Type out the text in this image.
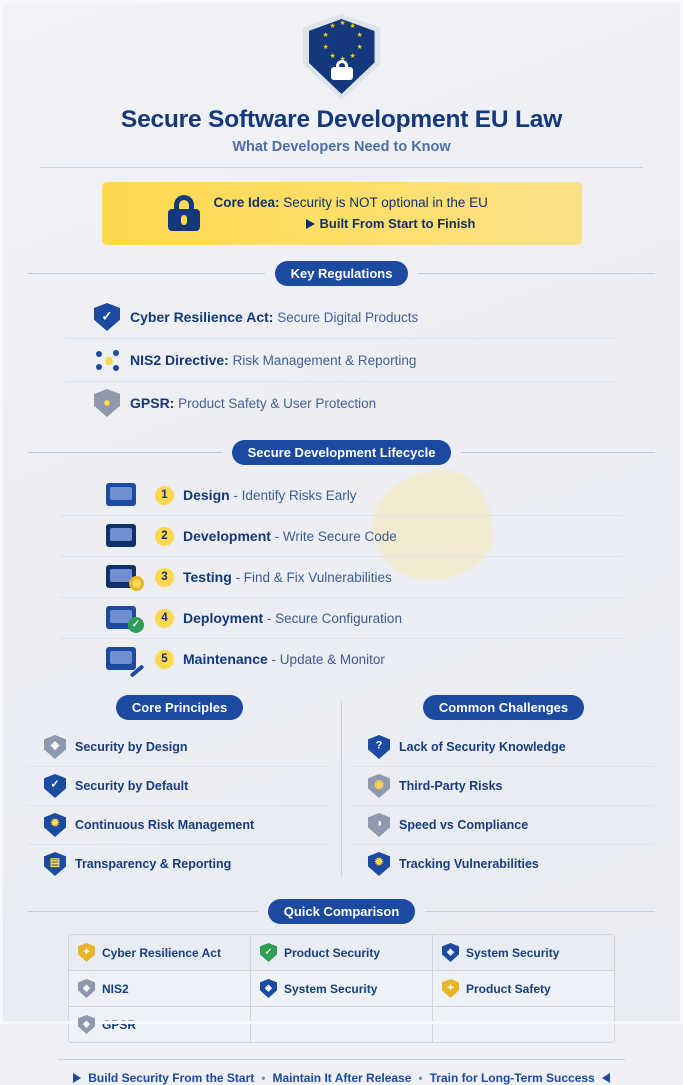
★ ★
★
★
★
★
★
★
★
★
Secure Software Development EU Law
What Developers Need to Know
Core Idea: Security is NOT optional in the EU
Built From Start to Finish
Key Regulations
✓ Cyber Resilience Act: Secure Digital Products
NIS2 Directive: Risk Management & Reporting
● GPSR: Product Safety & User Protection
Secure Development Lifecycle
1	Design - Identify Risks Early
2	Development - Write Secure Code
3	Testing - Find & Fix Vulnerabilities
✓
4	Deployment - Secure Configuration
5	Maintenance - Update & Monitor
Core Principles
◈ Security by Design
✓ Security by Default
✹ Continuous Risk Management
▤ Transparency & Reporting
Common Challenges
? Lack of Security Knowledge
◉ Third-Party Risks
◑ Speed vs Compliance
✹ Tracking Vulnerabilities
Quick Comparison
✦ Cyber Resilience Act	✓ Product Security	◈ System Security
◈ NIS2	◈ System Security	✦ Product Safety
◈ GPSR
Build Security From the Start • Maintain It After Release • Train for Long-Term Success
